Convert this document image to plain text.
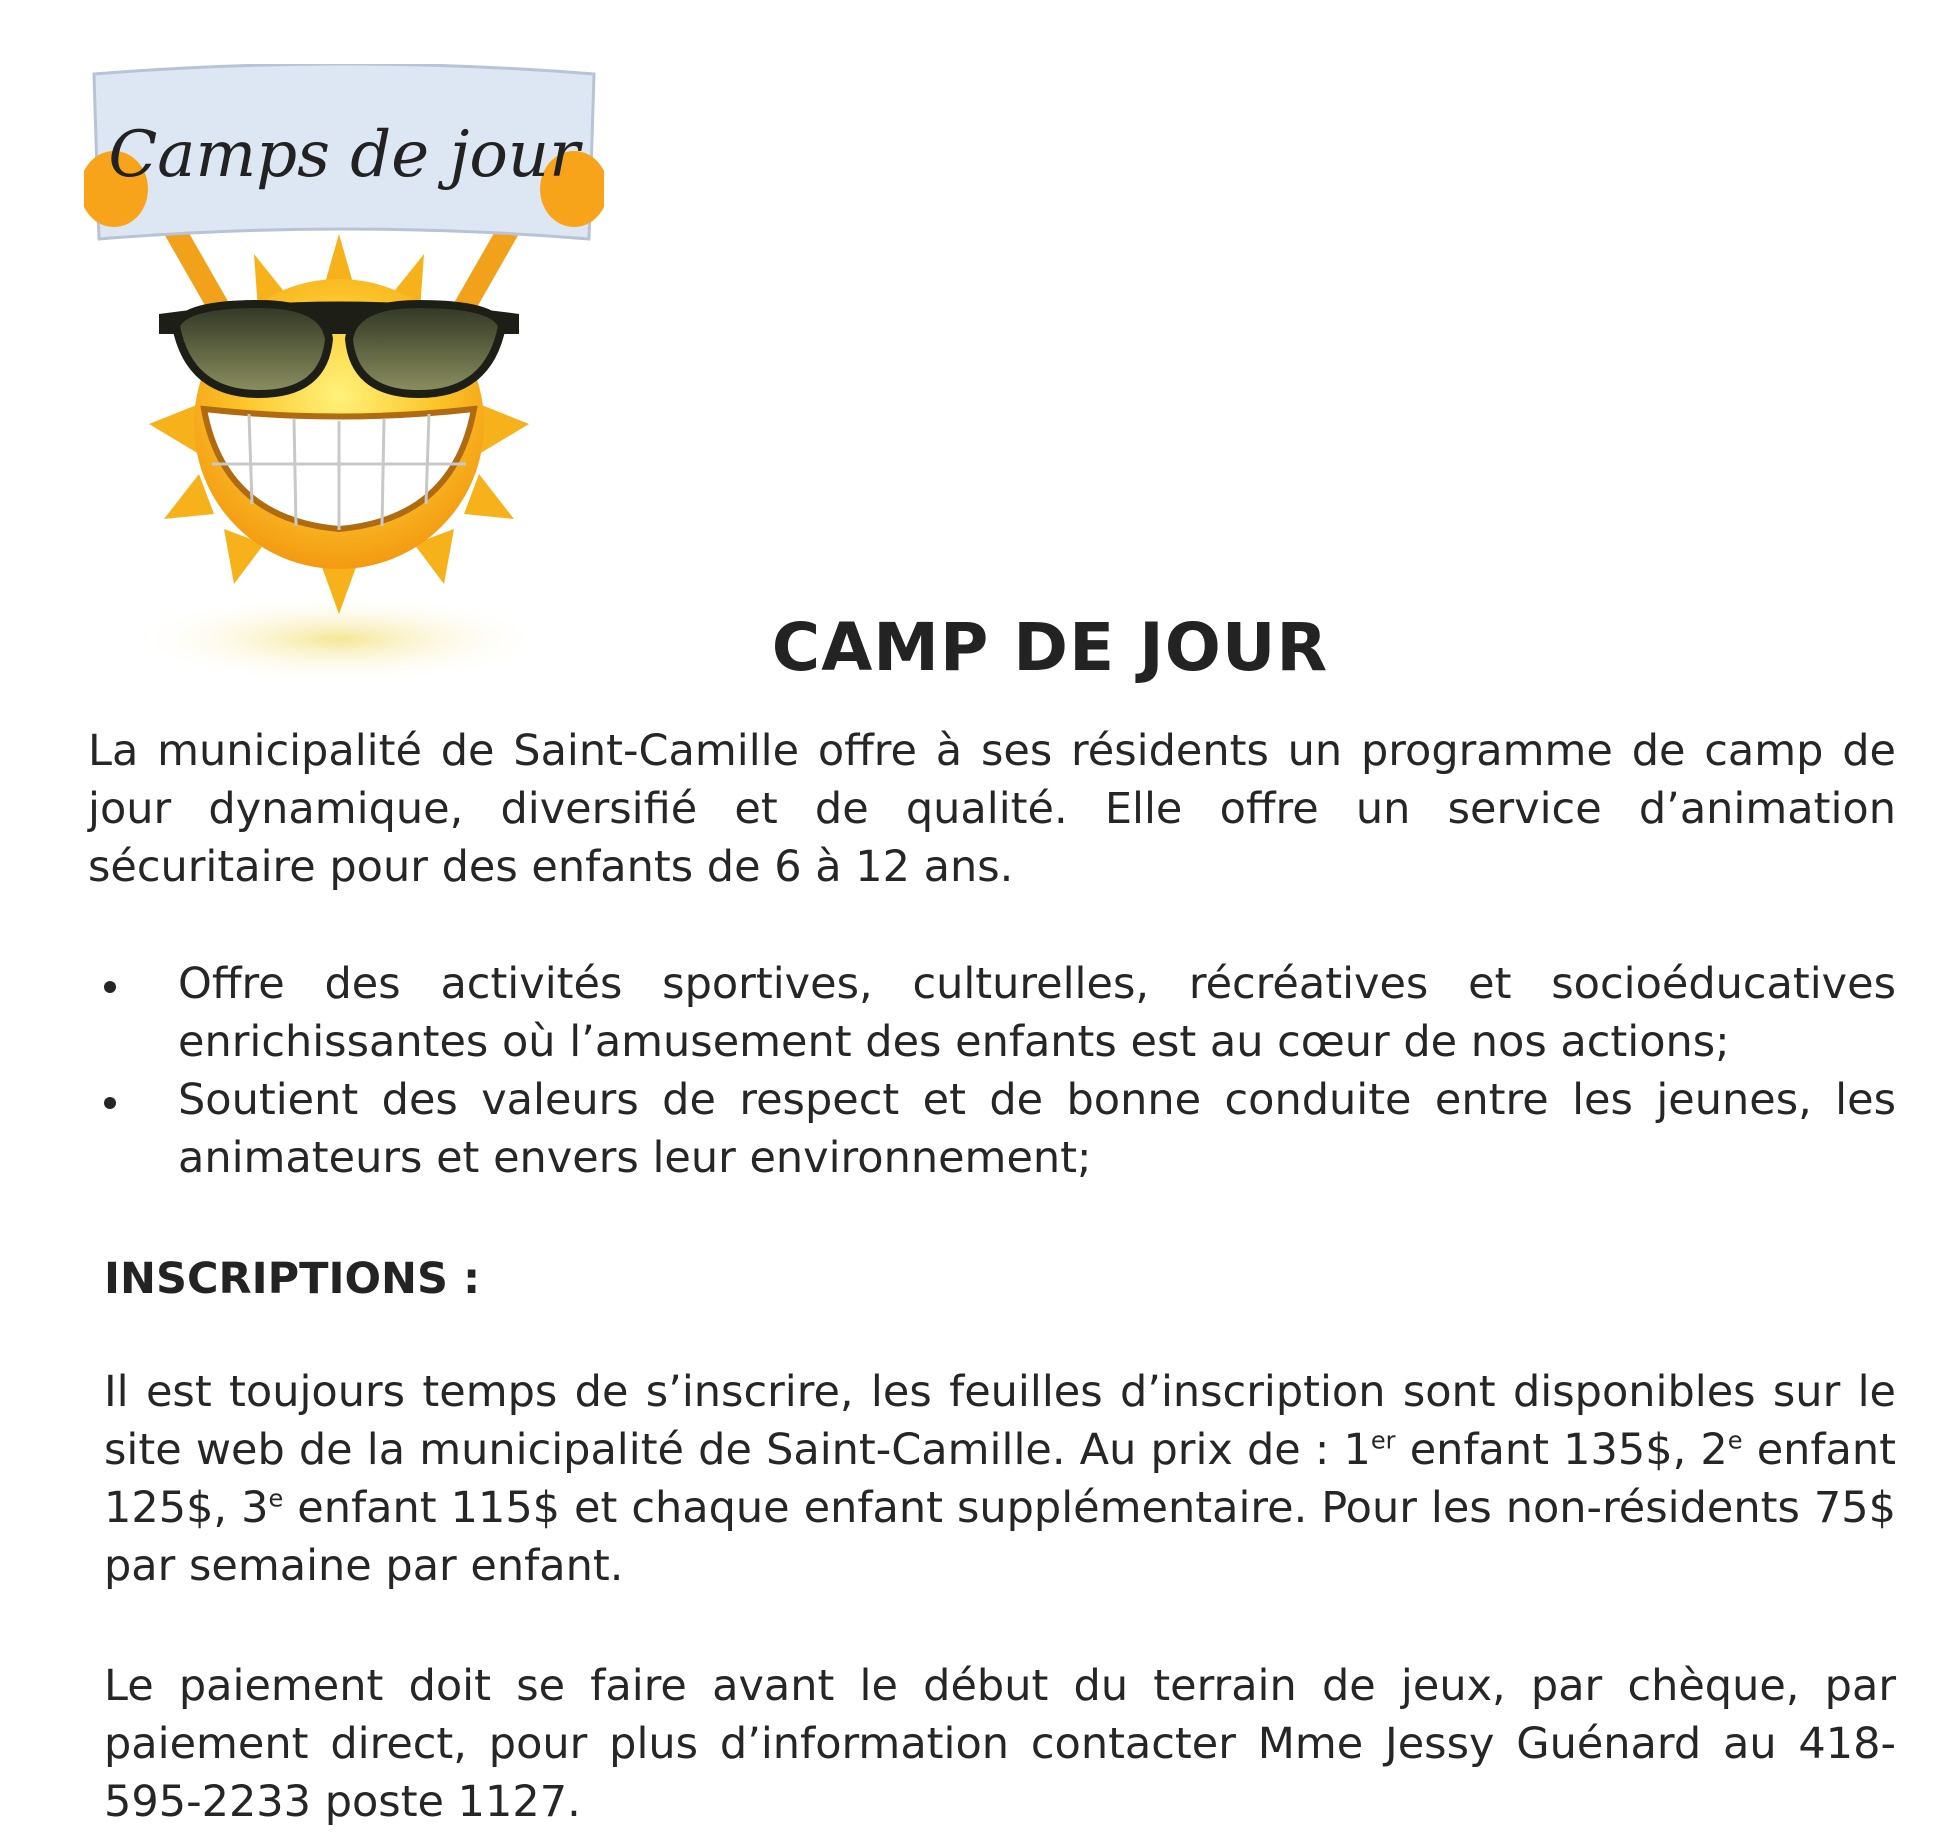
Camps de jour
CAMP DE JOUR

La municipalité de Saint-Camille offre à ses résidents un programme de camp de jour dynamique, diversifié et de qualité. Elle offre un service d’animation sécuritaire pour des enfants de 6 à 12 ans.

Offre des activités sportives, culturelles, récréatives et socioéducatives enrichissantes où l’amusement des enfants est au cœur de nos actions;
Soutient des valeurs de respect et de bonne conduite entre les jeunes, les animateurs et envers leur environnement;
INSCRIPTIONS :

Il est toujours temps de s’inscrire, les feuilles d’inscription sont disponibles sur le site web de la municipalité de Saint-Camille. Au prix de : 1er enfant 135$, 2e enfant 125$, 3e enfant 115$ et chaque enfant supplémentaire. Pour les non-résidents 75$ par semaine par enfant.

Le paiement doit se faire avant le début du terrain de jeux, par chèque, par paiement direct, pour plus d’information contacter Mme Jessy Guénard au 418-595-2233 poste 1127.
